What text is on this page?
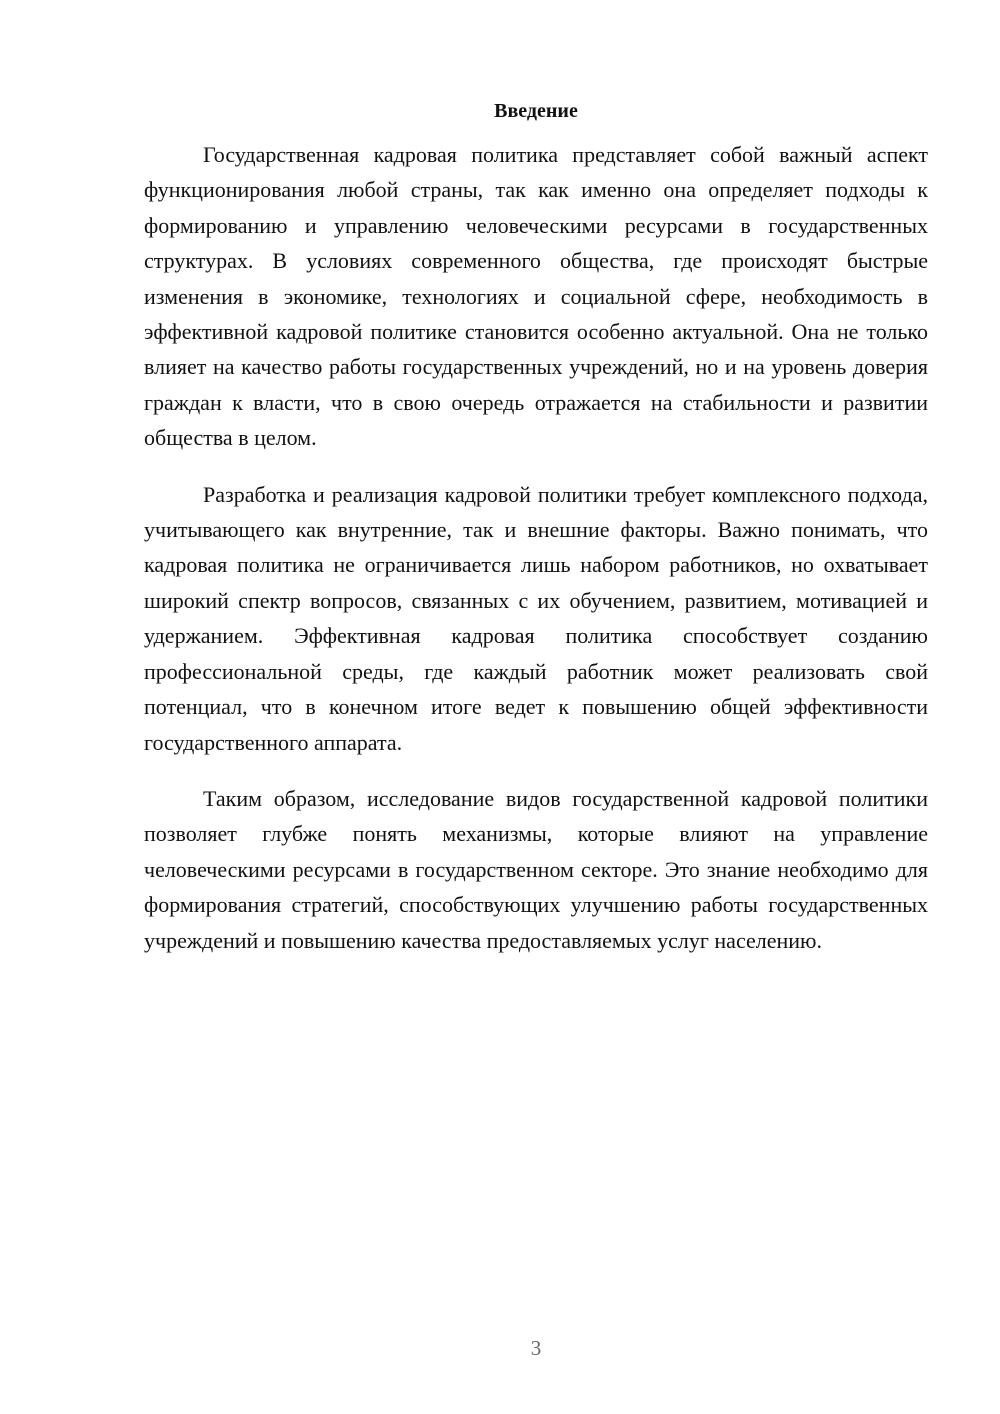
Введение

Государственная кадровая политика представляет собой важный аспект функционирования любой страны, так как именно она определяет подходы к формированию и управлению человеческими ресурсами в государственных структурах. В условиях современного общества, где происходят быстрые изменения в экономике, технологиях и социальной сфере, необходимость в эффективной кадровой политике становится особенно актуальной. Она не только влияет на качество работы государственных учреждений, но и на уровень доверия граждан к власти, что в свою очередь отражается на стабильности и развитии общества в целом.

Разработка и реализация кадровой политики требует комплексного подхода, учитывающего как внутренние, так и внешние факторы. Важно понимать, что кадровая политика не ограничивается лишь набором работников, но охватывает широкий спектр вопросов, связанных с их обучением, развитием, мотивацией и удержанием. Эффективная кадровая политика способствует созданию профессиональной среды, где каждый работник может реализовать свой потенциал, что в конечном итоге ведет к повышению общей эффективности государственного аппарата.

Таким образом, исследование видов государственной кадровой политики позволяет глубже понять механизмы, которые влияют на управление человеческими ресурсами в государственном секторе. Это знание необходимо для формирования стратегий, способствующих улучшению работы государственных учреждений и повышению качества предоставляемых услуг населению.

3
